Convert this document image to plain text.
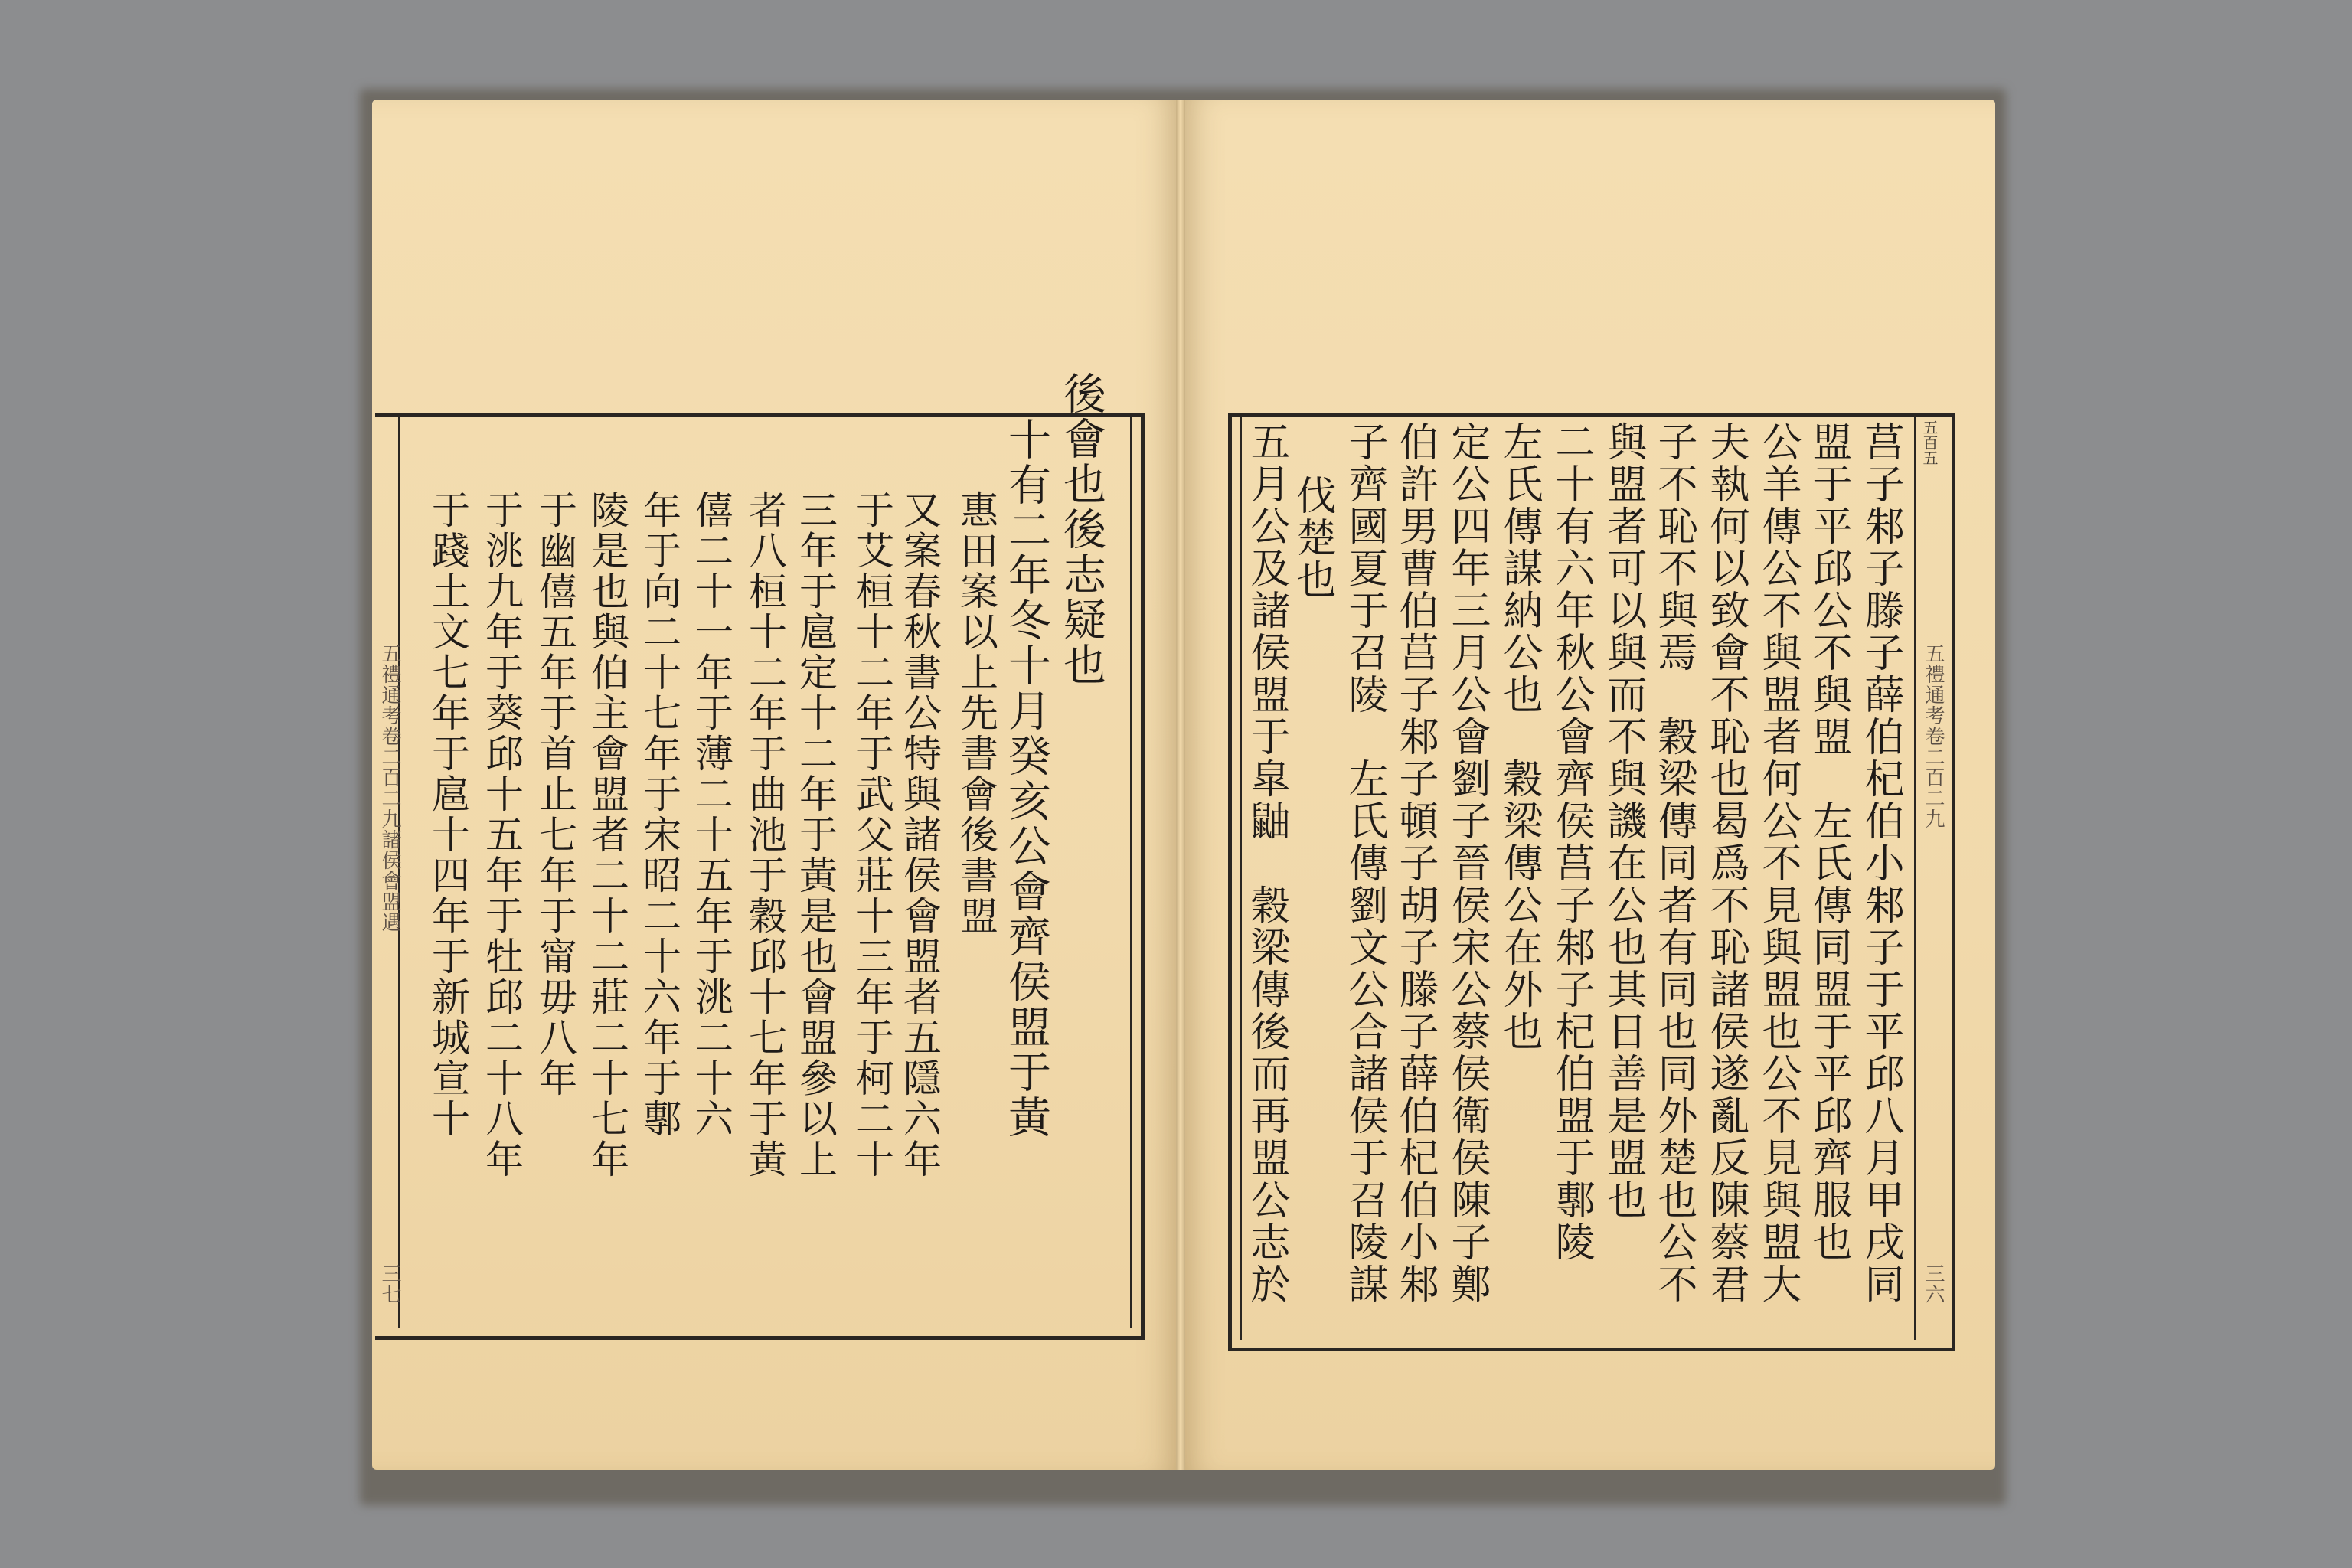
後會也後志疑也
十有二年冬十月癸亥公會齊侯盟于黃
惠田案以上先書會後書盟
又案春秋書公特與諸侯會盟者五隱六年
于艾桓十二年于武父莊十三年于柯二十
三年于扈定十二年于黃是也會盟參以上
者八桓十二年于曲池于穀邱十七年于黃
僖二十一年于薄二十五年于洮二十六
年于向二十七年于宋昭二十六年于鄟
陵是也與伯主會盟者二十二莊二十七年
于幽僖五年于首止七年于甯毋八年
于洮九年于葵邱十五年于牡邱二十八年
于踐土文七年于扈十四年于新城宣十
五禮通考卷二百二九諸侯會盟遇
三七	莒子邾子滕子薛伯杞伯小邾子于平邱八月甲戌同
盟于平邱公不與盟　左氏傳同盟于平邱齊服也
公羊傳公不與盟者何公不見與盟也公不見與盟大
夫執何以致會不恥也曷爲不恥諸侯遂亂反陳蔡君
子不恥不與焉　穀梁傳同者有同也同外楚也公不
與盟者可以與而不與譏在公也其日善是盟也
二十有六年秋公會齊侯莒子邾子杞伯盟于鄟陵
左氏傳謀納公也　穀梁傳公在外也
定公四年三月公會劉子晉侯宋公蔡侯衛侯陳子鄭
伯許男曹伯莒子邾子頓子胡子滕子薛伯杞伯小邾
子齊國夏于召陵　左氏傳劉文公合諸侯于召陵謀
伐楚也
五月公及諸侯盟于皐鼬　穀梁傳後而再盟公志於	五百五
五禮通考卷二百二九
三六
